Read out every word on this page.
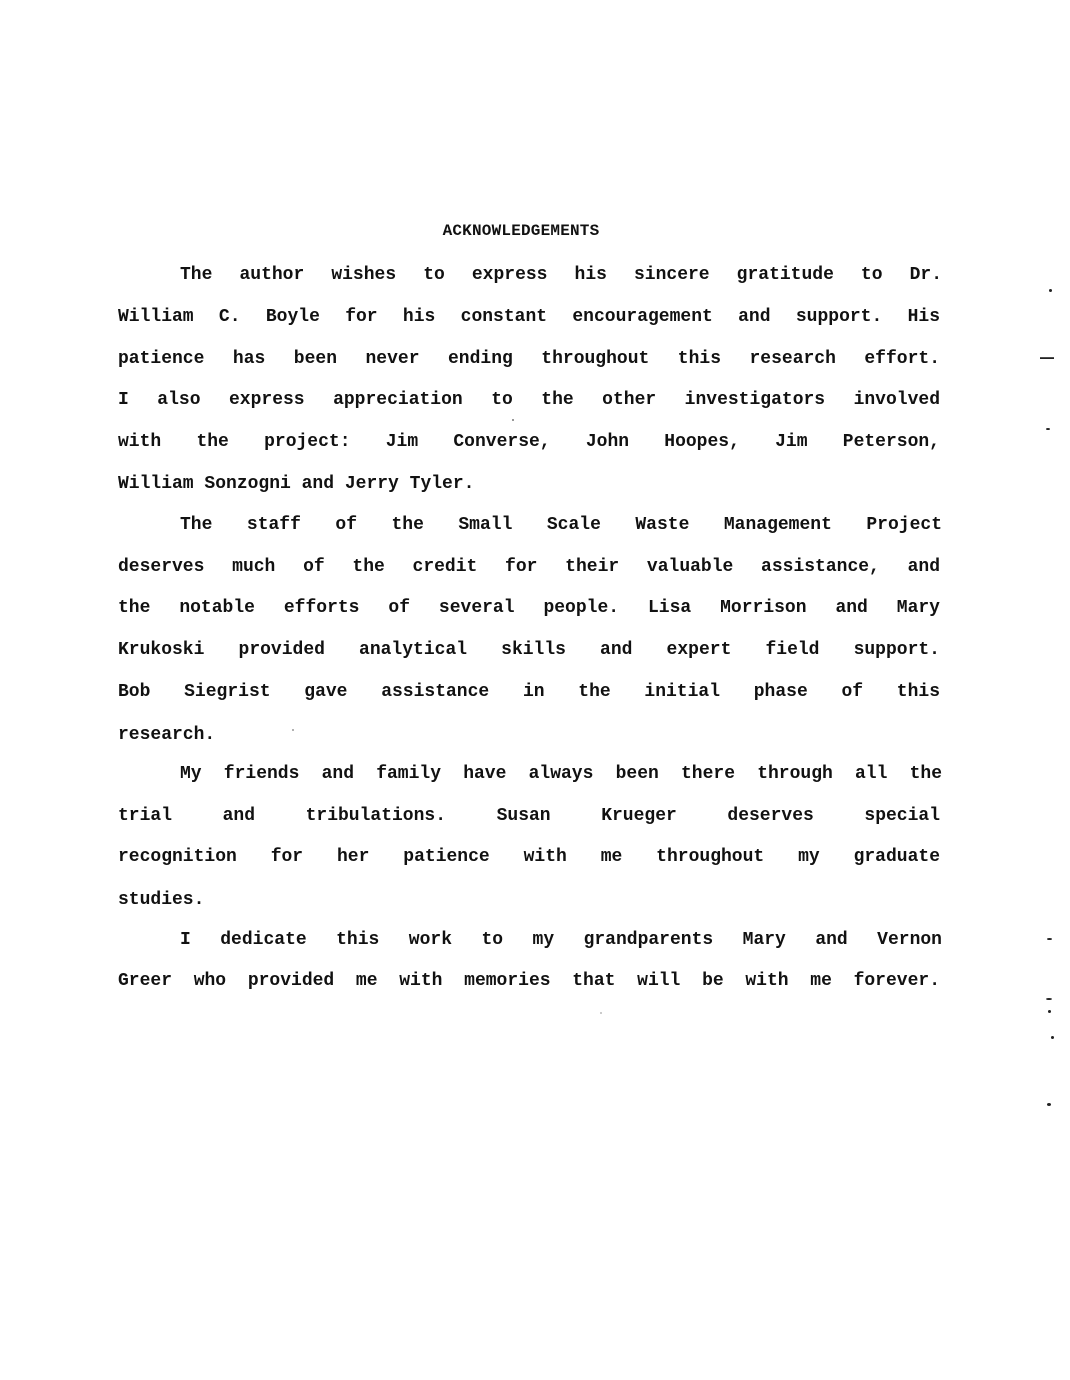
ACKNOWLEDGEMENTS
The author wishes to express his sincere gratitude to Dr.
William C. Boyle for his constant encouragement and support. His
patience has been never ending throughout this research effort.
I also express appreciation to the other investigators involved
with the project: Jim Converse, John Hoopes, Jim Peterson,
William Sonzogni and Jerry Tyler.
The staff of the Small Scale Waste Management Project
deserves much of the credit for their valuable assistance, and
the notable efforts of several people. Lisa Morrison and Mary
Krukoski provided analytical skills and expert field support.
Bob Siegrist gave assistance in the initial phase of this
research.
My friends and family have always been there through all the
trial and tribulations. Susan Krueger deserves special
recognition for her patience with me throughout my graduate
studies.
I dedicate this work to my grandparents Mary and Vernon
Greer who provided me with memories that will be with me forever.
―
